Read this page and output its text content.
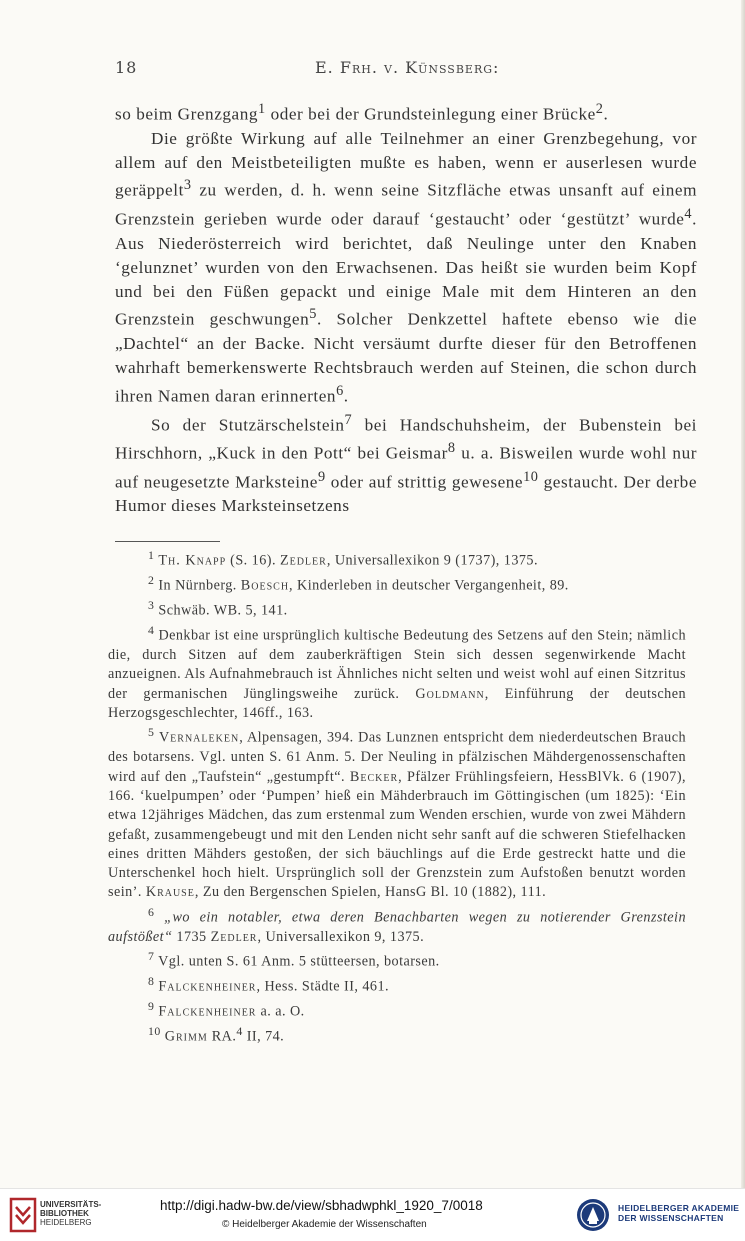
18	E. Frh. v. Künssberg:

so beim Grenzgang$^1$ oder bei der Grundsteinlegung einer Brücke$^2$.

Die größte Wirkung auf alle Teilnehmer an einer Grenzbegehung, vor allem auf den Meistbeteiligten mußte es haben, wenn er auserlesen wurde geräppelt$^3$ zu werden, d. h. wenn seine Sitzfläche etwas unsanft auf einem Grenzstein gerieben wurde oder darauf ‘gestaucht’ oder ‘gestützt’ wurde$^4$. Aus Niederösterreich wird berichtet, daß Neulinge unter den Knaben ‘gelunznet’ wurden von den Erwachsenen. Das heißt sie wurden beim Kopf und bei den Füßen gepackt und einige Male mit dem Hinteren an den Grenzstein geschwungen$^5$. Solcher Denkzettel haftete ebenso wie die „Dachtel“ an der Backe. Nicht versäumt durfte dieser für den Betroffenen wahrhaft bemerkenswerte Rechtsbrauch werden auf Steinen, die schon durch ihren Namen daran erinnerten$^6$.

So der Stutzärschelstein$^7$ bei Handschuhsheim, der Bubenstein bei Hirschhorn, „Kuck in den Pott“ bei Geismar$^8$ u. a. Bisweilen wurde wohl nur auf neugesetzte Marksteine$^9$ oder auf strittig gewesene$^{10}$ gestaucht. Der derbe Humor dieses Marksteinsetzens

$^1$ Th. Knapp (S. 16). Zedler, Universallexikon 9 (1737), 1375.

$^2$ In Nürnberg. Boesch, Kinderleben in deutscher Vergangenheit, 89.

$^3$ Schwäb. WB. 5, 141.

$^4$ Denkbar ist eine ursprünglich kultische Bedeutung des Setzens auf den Stein; nämlich die, durch Sitzen auf dem zauberkräftigen Stein sich dessen segenwirkende Macht anzueignen. Als Aufnahmebrauch ist Ähnliches nicht selten und weist wohl auf einen Sitzritus der germanischen Jünglingsweihe zurück. Goldmann, Einführung der deutschen Herzogsgeschlechter, 146ff., 163.

$^5$ Vernaleken, Alpensagen, 394. Das Lunznen entspricht dem niederdeutschen Brauch des botarsens. Vgl. unten S. 61 Anm. 5. Der Neuling in pfälzischen Mähdergenossenschaften wird auf den „Taufstein“ „gestumpft“. Becker, Pfälzer Frühlingsfeiern, HessBlVk. 6 (1907), 166. ‘kuelpumpen’ oder ‘Pumpen’ hieß ein Mähderbrauch im Göttingischen (um 1825): ‘Ein etwa 12jähriges Mädchen, das zum erstenmal zum Wenden erschien, wurde von zwei Mähdern gefaßt, zusammengebeugt und mit den Lenden nicht sehr sanft auf die schweren Stiefelhacken eines dritten Mähders gestoßen, der sich bäuchlings auf die Erde gestreckt hatte und die Unterschenkel hoch hielt. Ursprünglich soll der Grenzstein zum Aufstoßen benutzt worden sein’. Krause, Zu den Bergenschen Spielen, HansG Bl. 10 (1882), 111.

$^6$ „wo ein notabler, etwa deren Benachbarten wegen zu notierender Grenzstein aufstößet“ 1735 Zedler, Universallexikon 9, 1375.

$^7$ Vgl. unten S. 61 Anm. 5 stütteersen, botarsen.

$^8$ Falckenheiner, Hess. Städte II, 461.

$^9$ Falckenheiner a. a. O.

$^{10}$ Grimm RA.$^4$ II, 74.

UNIVERSITÄTS-
BIBLIOTHEK
HEIDELBERG
http://digi.hadw-bw.de/view/sbhadwphkl_1920_7/0018
© Heidelberger Akademie der Wissenschaften
HEIDELBERGER AKADEMIE
DER WISSENSCHAFTEN
